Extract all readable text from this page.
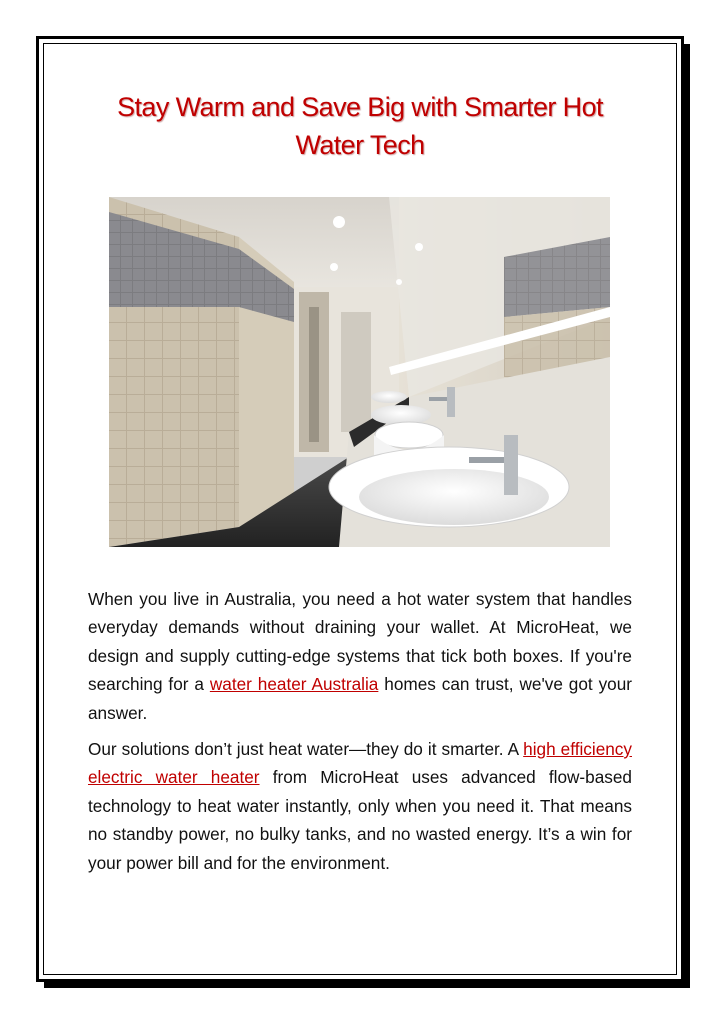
Stay Warm and Save Big with Smarter Hot Water Tech

When you live in Australia, you need a hot water system that handles everyday demands without draining your wallet. At MicroHeat, we design and supply cutting-edge systems that tick both boxes. If you're searching for a water heater Australia homes can trust, we've got your answer.

Our solutions don’t just heat water—they do it smarter. A high efficiency electric water heater from MicroHeat uses advanced flow-based technology to heat water instantly, only when you need it. That means no standby power, no bulky tanks, and no wasted energy. It’s a win for your power bill and for the environment.
